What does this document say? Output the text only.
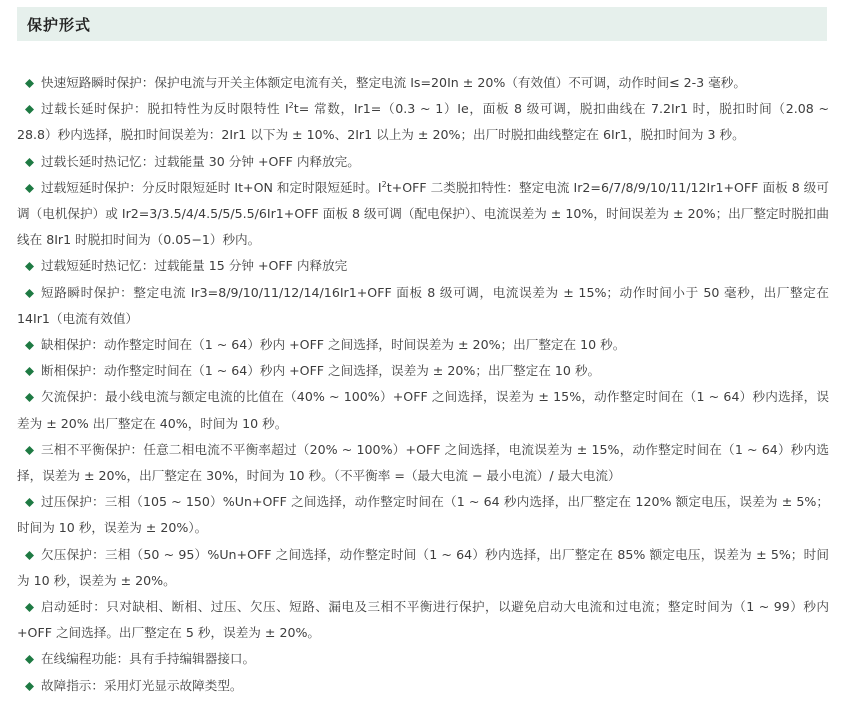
保护形式

快速短路瞬时保护：保护电流与开关主体额定电流有关，整定电流 Is=20In ± 20%（有效值）不可调，动作时间≤ 2-3 毫秒。

过载长延时保护：脱扣特性为反时限特性 $I^2t=$ 常数，Ir1=（0.3 ~ 1）Ie，面板 8 级可调，脱扣曲线在 7.2Ir1 时，脱扣时间（2.08 ~ 28.8）秒内选择，脱扣时间误差为：2Ir1 以下为 ± 10%、2Ir1 以上为 ± 20%；出厂时脱扣曲线整定在 6Ir1，脱扣时间为 3 秒。

过载长延时热记忆：过载能量 30 分钟 +OFF 内释放完。

过载短延时保护：分反时限短延时 It+ON 和定时限短延时。$I^2t+OFF$ 二类脱扣特性：整定电流 Ir2=6/7/8/9/10/11/12Ir1+OFF 面板 8 级可调（电机保护）或 Ir2=3/3.5/4/4.5/5/5.5/6Ir1+OFF 面板 8 级可调（配电保护）、电流误差为 ± 10%，时间误差为 ± 20%；出厂整定时脱扣曲线在 8Ir1 时脱扣时间为（0.05−1）秒内。

过载短延时热记忆：过载能量 15 分钟 +OFF 内释放完

短路瞬时保护：整定电流 Ir3=8/9/10/11/12/14/16Ir1+OFF 面板 8 级可调，电流误差为 ± 15%；动作时间小于 50 毫秒，出厂整定在 14Ir1（电流有效值）

缺相保护：动作整定时间在（1 ~ 64）秒内 +OFF 之间选择，时间误差为 ± 20%；出厂整定在 10 秒。

断相保护：动作整定时间在（1 ~ 64）秒内 +OFF 之间选择，误差为 ± 20%；出厂整定在 10 秒。

欠流保护：最小线电流与额定电流的比值在（40% ~ 100%）+OFF 之间选择，误差为 ± 15%，动作整定时间在（1 ~ 64）秒内选择，误差为 ± 20% 出厂整定在 40%，时间为 10 秒。

三相不平衡保护：任意二相电流不平衡率超过（20% ~ 100%）+OFF 之间选择，电流误差为 ± 15%，动作整定时间在（1 ~ 64）秒内选择，误差为 ± 20%，出厂整定在 30%，时间为 10 秒。（不平衡率 =（最大电流 − 最小电流）/ 最大电流）

过压保护：三相（105 ~ 150）%Un+OFF 之间选择，动作整定时间在（1 ~ 64 秒内选择，出厂整定在 120% 额定电压，误差为 ± 5%；时间为 10 秒，误差为 ± 20%）。

欠压保护：三相（50 ~ 95）%Un+OFF 之间选择，动作整定时间（1 ~ 64）秒内选择，出厂整定在 85% 额定电压，误差为 ± 5%；时间为 10 秒，误差为 ± 20%。

启动延时：只对缺相、断相、过压、欠压、短路、漏电及三相不平衡进行保护，以避免启动大电流和过电流；整定时间为（1 ~ 99）秒内 +OFF 之间选择。出厂整定在 5 秒，误差为 ± 20%。

在线编程功能：具有手持编辑器接口。

故障指示：采用灯光显示故障类型。
